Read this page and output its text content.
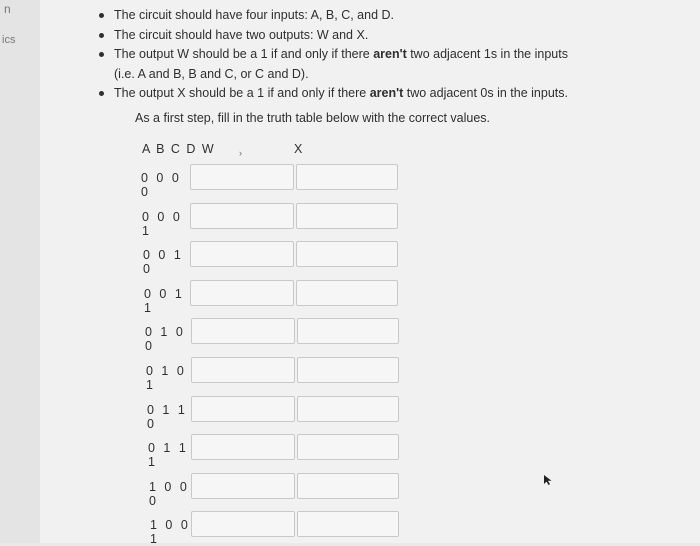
n
ics
The circuit should have four inputs: A, B, C, and D.
The circuit should have two outputs: W and X.
The output W should be a 1 if and only if there aren't two adjacent 1s in the inputs
(i.e. A and B, B and C, or C and D).
The output X should be a 1 if and only if there aren't two adjacent 0s in the inputs.
As a first step, fill in the truth table below with the correct values.
A B C D W	X
›
0 0 0 0
0 0 0 1
0 0 1 0
0 0 1 1
0 1 0 0
0 1 0 1
0 1 1 0
0 1 1 1
1 0 0 0
1 0 0 1
